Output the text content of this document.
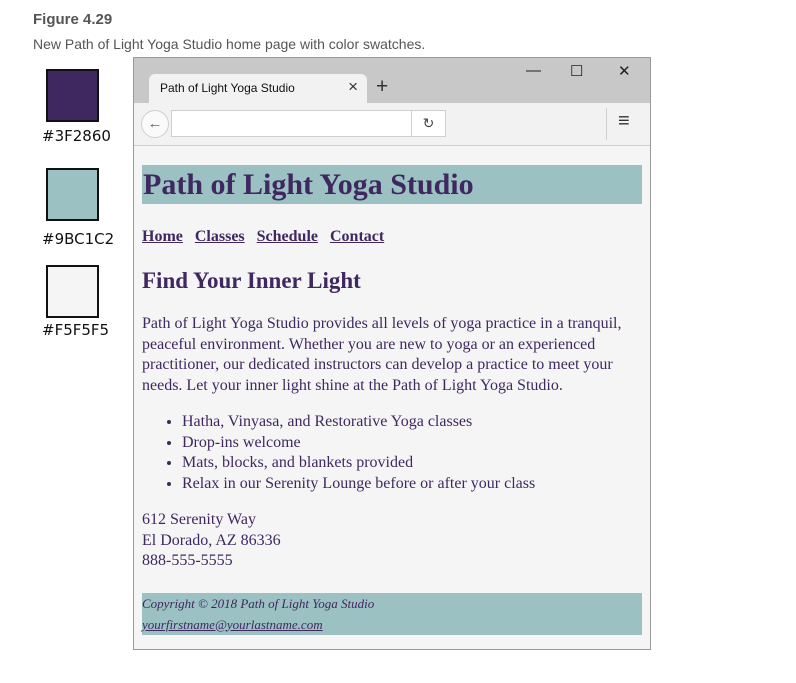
Figure 4.29
New Path of Light Yoga Studio home page with color swatches.
#3F2860
#9BC1C2
#F5F5F5
Path of Light Yoga Studio	× +
— ☐ ✕
←	↻	≡
Path of Light Yoga Studio
Home Classes Schedule Contact
Find Your Inner Light

Path of Light Yoga Studio provides all levels of yoga practice in a tranquil, peaceful environment. Whether you are new to yoga or an experienced practitioner, our dedicated instructors can develop a practice to meet your needs. Let your inner light shine at the Path of Light Yoga Studio.

• Hatha, Vinyasa, and Restorative Yoga classes
• Drop-ins welcome
• Mats, blocks, and blankets provided
• Relax in our Serenity Lounge before or after your class
612 Serenity Way
El Dorado, AZ 86336
888-555-5555
Copyright © 2018 Path of Light Yoga Studio
yourfirstname@yourlastname.com
